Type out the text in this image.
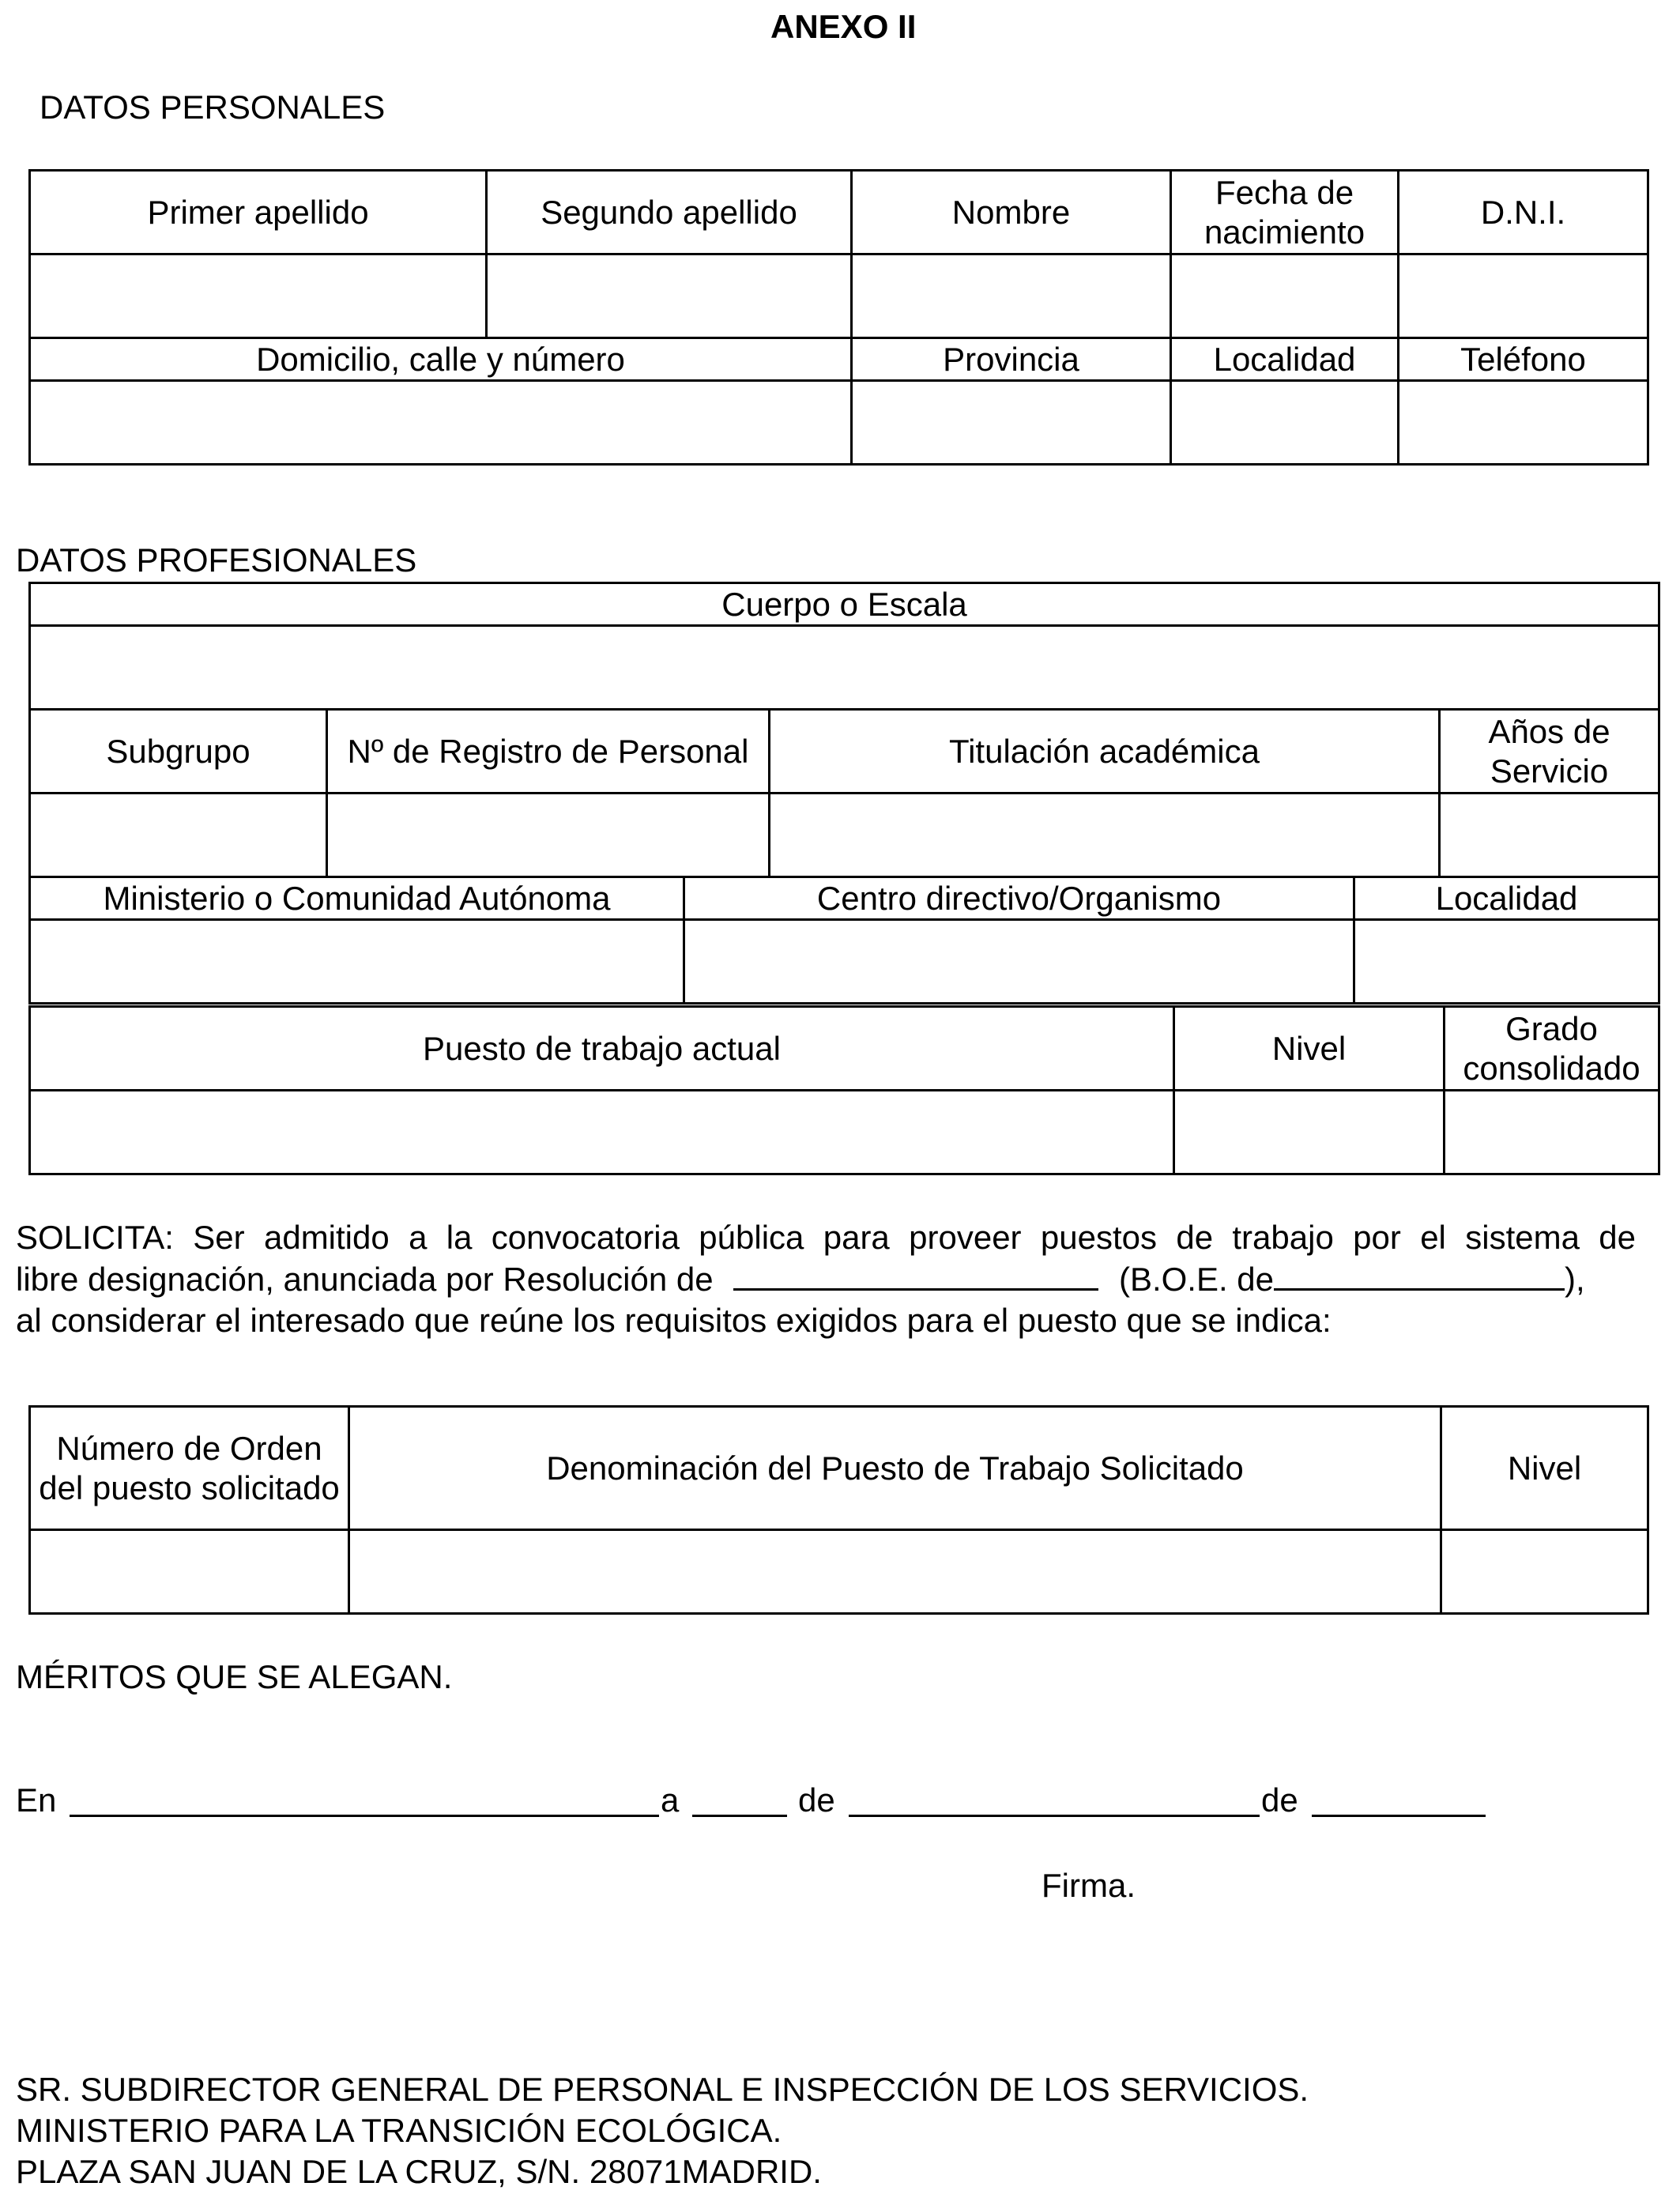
ANEXO II
DATOS PERSONALES
Primer apellido	Segundo apellido	Nombre	Fecha de nacimiento	D.N.I.

Domicilio, calle y número		Provincia	Localidad	Teléfono

DATOS PROFESIONALES
Cuerpo o Escala					

Subgrupo	Nº de Registro de Personal		Titulación académica		Años de Servicio

Ministerio o Comunidad Autónoma		Centro directivo/Organismo		Localidad	

Puesto de trabajo actual	Nivel	Grado consolidado

SOLICITA: Ser admitido a la convocatoria pública para proveer puestos de trabajo por el sistema de
libre designación, anunciada por Resolución de	(B.O.E. de	),
al considerar el interesado que reúne los requisitos exigidos para el puesto que se indica:
Número de Orden del puesto solicitado	Denominación del Puesto de Trabajo Solicitado	Nivel

MÉRITOS QUE SE ALEGAN.
En	a	de	de
Firma.
SR. SUBDIRECTOR GENERAL DE PERSONAL E INSPECCIÓN DE LOS SERVICIOS.
MINISTERIO PARA LA TRANSICIÓN ECOLÓGICA.
PLAZA SAN JUAN DE LA CRUZ, S/N. 28071MADRID.
